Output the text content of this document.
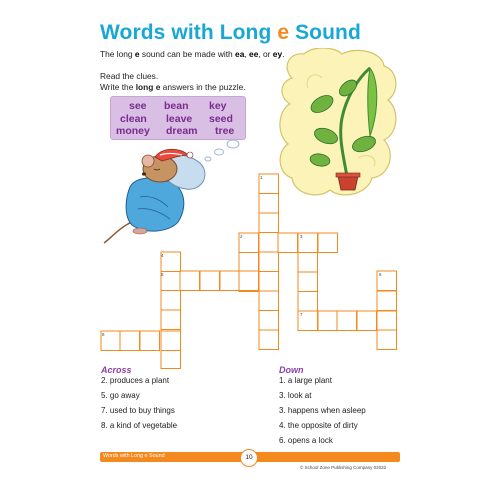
Words with Long e Sound
The long e sound can be made with ea, ee, or ey.
Read the clues.
Write the long e answers in the puzzle.
see bean key
clean leave seed
money dream tree
1
2	3
4
5	6
7
8
Across
2. produces a plant
5. go away
7. used to buy things
Down
1. a large plant
3. look at
3. happens when asleep
Words with Long e Sound	10
© School Zone Publishing Company 02032
8. a kind of vegetable	4. the opposite of dirty
6. opens a lock
